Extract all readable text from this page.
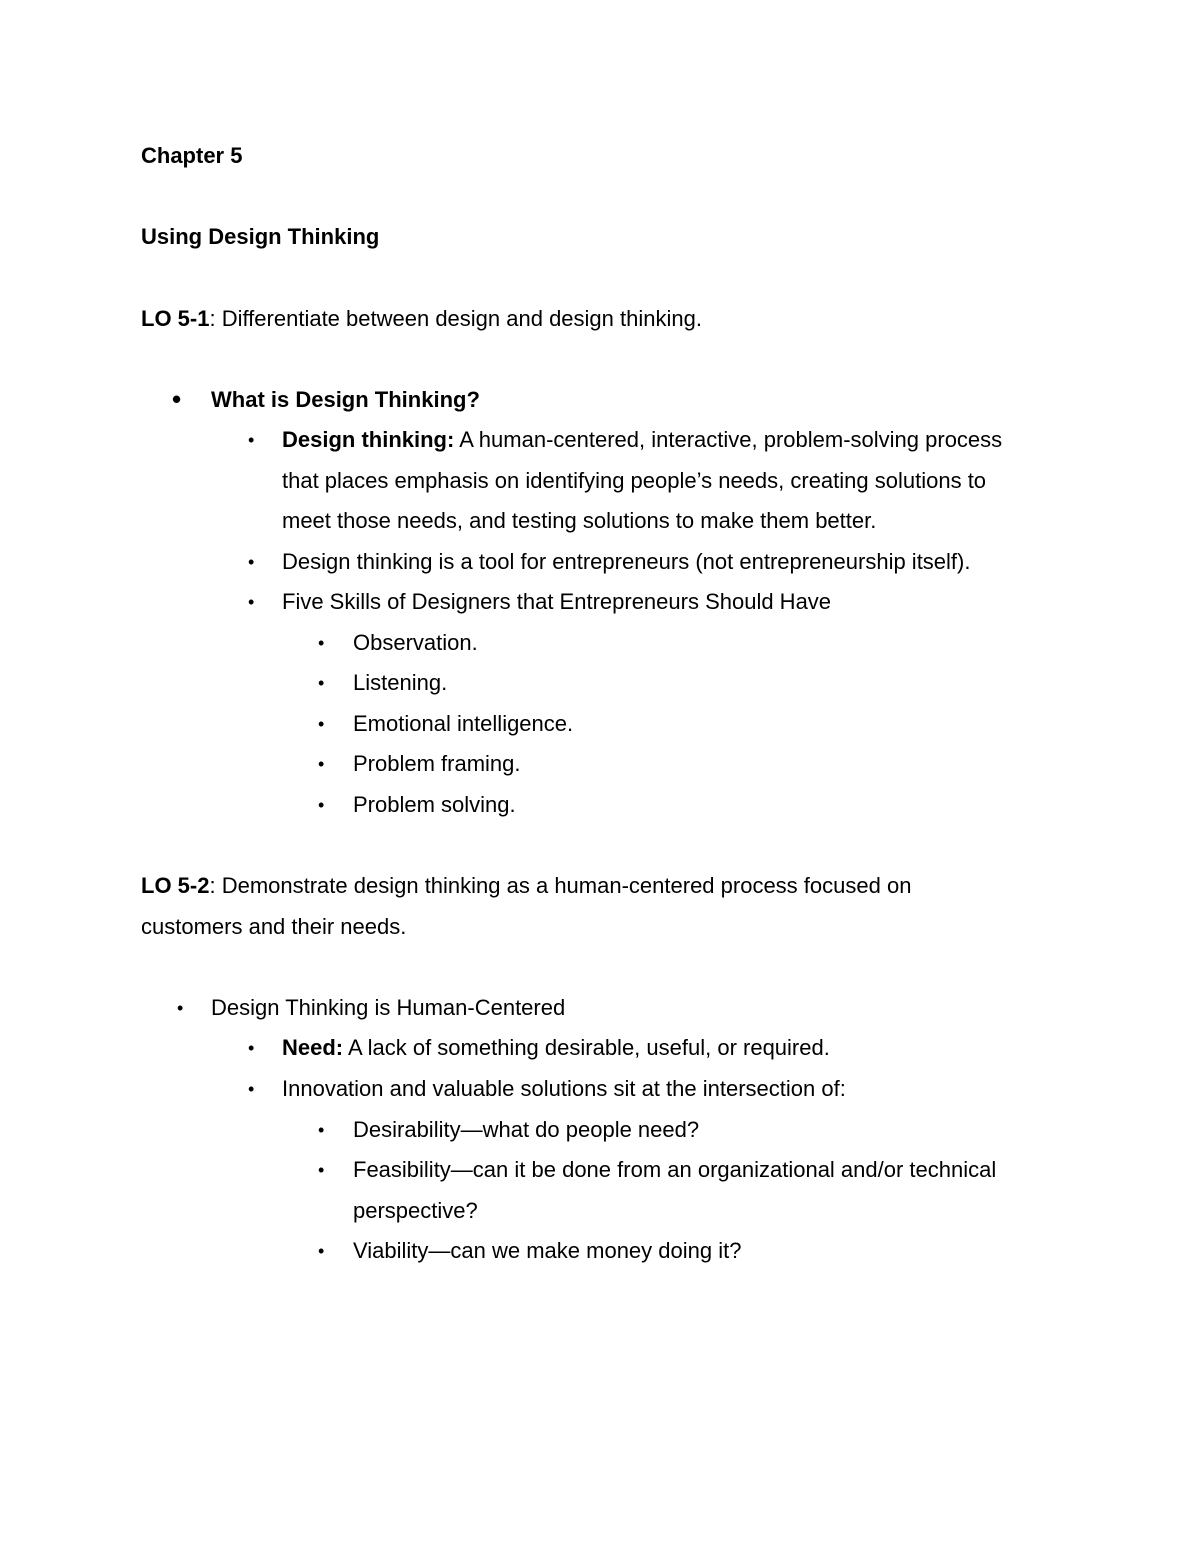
Chapter 5
Using Design Thinking
LO 5-1: Differentiate between design and design thinking.
• What is Design Thinking?
• Design thinking: A human-centered, interactive, problem-solving process
that places emphasis on identifying people’s needs, creating solutions to
meet those needs, and testing solutions to make them better.
• Design thinking is a tool for entrepreneurs (not entrepreneurship itself).
• Five Skills of Designers that Entrepreneurs Should Have
• Observation.
• Listening.
• Emotional intelligence.
• Problem framing.
• Problem solving.
LO 5-2: Demonstrate design thinking as a human-centered process focused on
customers and their needs.
• Design Thinking is Human-Centered
• Need: A lack of something desirable, useful, or required.
• Innovation and valuable solutions sit at the intersection of:
• Desirability—what do people need?
• Feasibility—can it be done from an organizational and/or technical
perspective?
• Viability—can we make money doing it?
